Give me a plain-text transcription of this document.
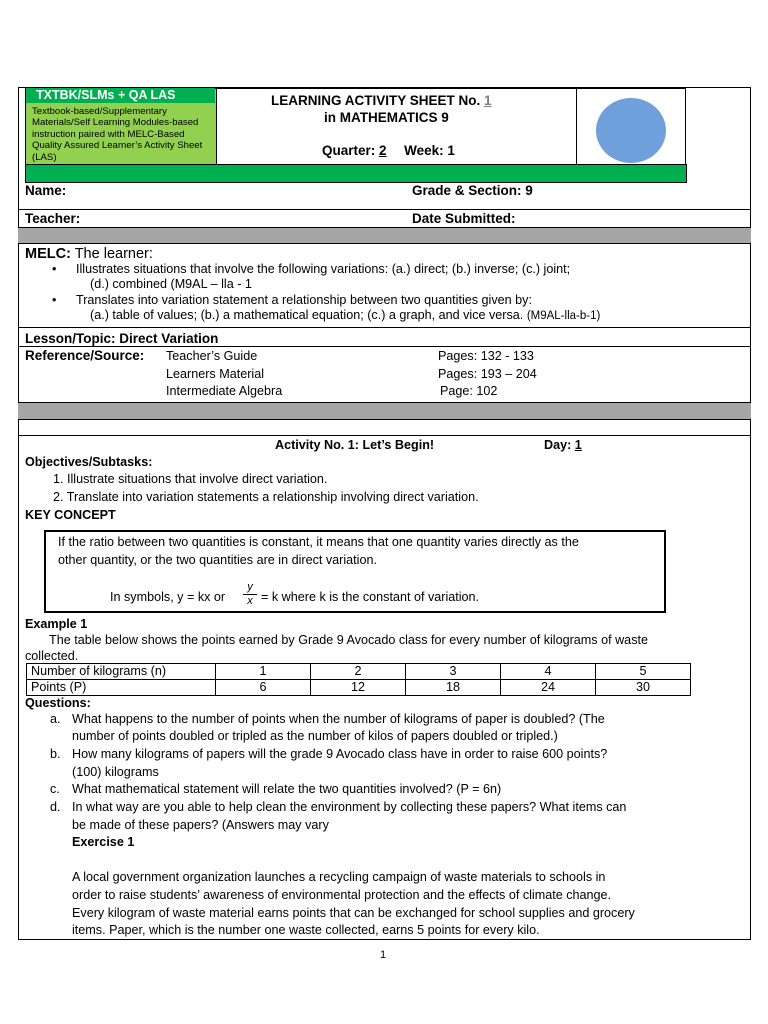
TXTBK/SLMs + QA LAS
Textbook-based/Supplementary Materials/Self Learning Modules-based instruction paired with MELC-Based Quality Assured Learner’s Activity Sheet (LAS)
LEARNING ACTIVITY SHEET No. 1
in MATHEMATICS 9
Quarter: 2 Week: 1
Name:	Grade & Section: 9
Teacher:	Date Submitted:
MELC: The learner:
• Illustrates situations that involve the following variations: (a.) direct; (b.) inverse; (c.) joint;
(d.) combined (M9AL – lla - 1
• Translates into variation statement a relationship between two quantities given by:
(a.) table of values; (b.) a mathematical equation; (c.) a graph, and vice versa. (M9AL-lla-b-1)
Lesson/Topic: Direct Variation
Reference/Source: Teacher’s Guide	Pages: 132 - 133
Learners Material	Pages: 193 – 204
Intermediate Algebra	Page: 102
Activity No. 1: Let’s Begin!	Day: 1
Objectives/Subtasks:
1. Illustrate situations that involve direct variation.
2. Translate into variation statements a relationship involving direct variation.
KEY CONCEPT
If the ratio between two quantities is constant, it means that one quantity varies directly as the
other quantity, or the two quantities are in direct variation.
In symbols, y = kx or
y
x = k where k is the constant of variation.
Example 1
The table below shows the points earned by Grade 9 Avocado class for every number of kilograms of waste
collected.
Number of kilograms (n)	1	2	3	4	5
Points (P)	6	12	18	24	30
Questions:
a. What happens to the number of points when the number of kilograms of paper is doubled? (The
number of points doubled or tripled as the number of kilos of papers doubled or tripled.)
b. How many kilograms of papers will the grade 9 Avocado class have in order to raise 600 points?
(100) kilograms
c. What mathematical statement will relate the two quantities involved? (P = 6n)
d. In what way are you able to help clean the environment by collecting these papers? What items can
be made of these papers? (Answers may vary
Exercise 1
A local government organization launches a recycling campaign of waste materials to schools in
order to raise students’ awareness of environmental protection and the effects of climate change.
Every kilogram of waste material earns points that can be exchanged for school supplies and grocery
items. Paper, which is the number one waste collected, earns 5 points for every kilo.
1
